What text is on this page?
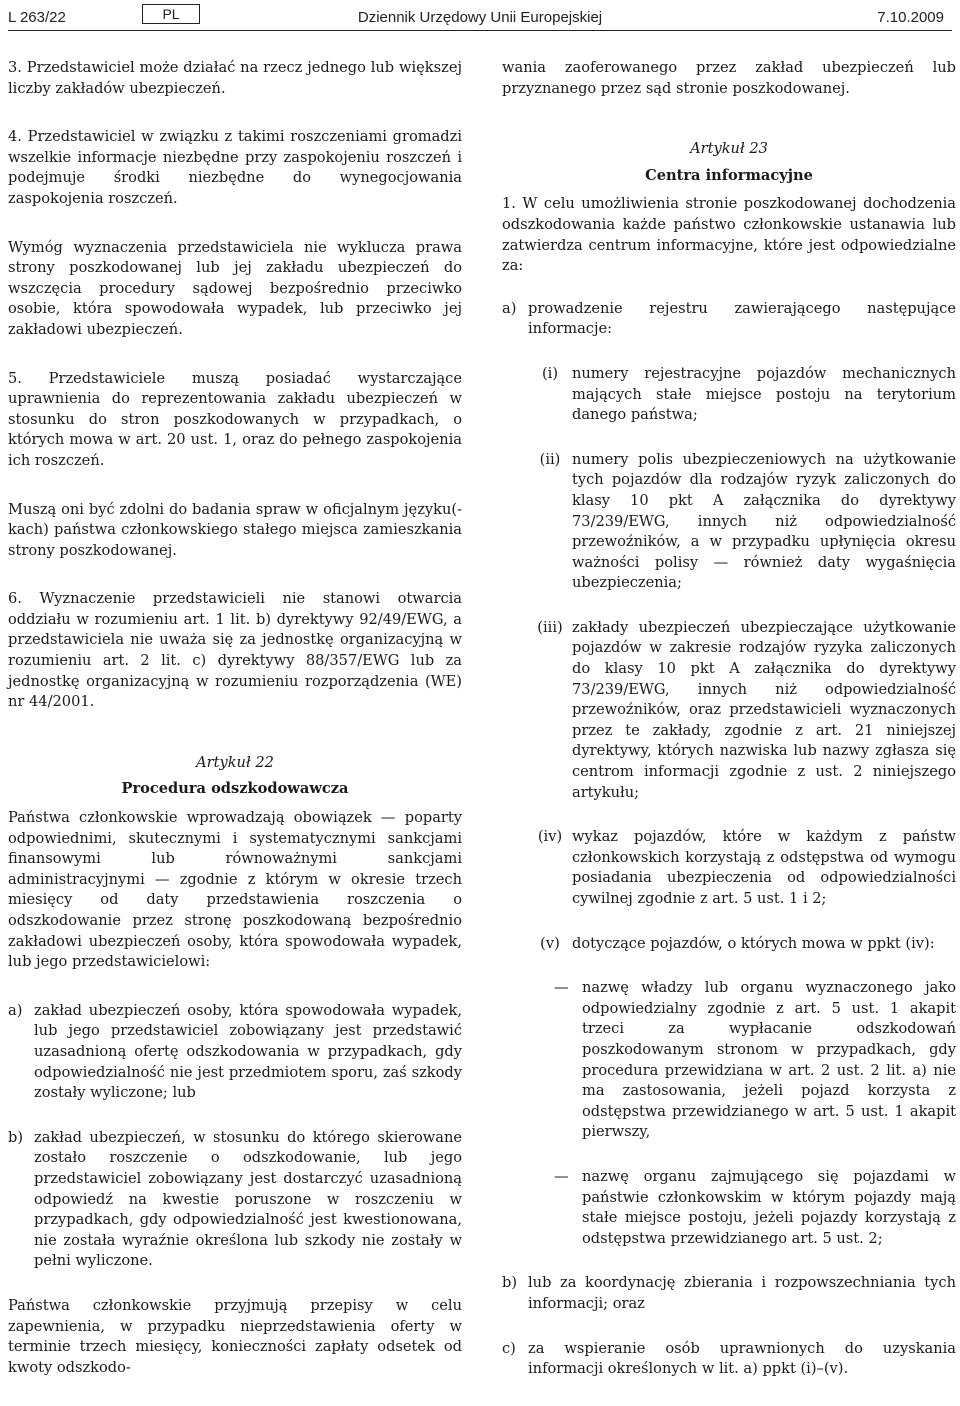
L 263/22	PL	Dziennik Urzędowy Unii Europejskiej	7.10.2009

3. Przedstawiciel może działać na rzecz jednego lub większej liczby zakładów ubezpieczeń.

4. Przedstawiciel w związku z takimi roszczeniami gromadzi wszelkie informacje niezbędne przy zaspokojeniu roszczeń i podejmuje środki niezbędne do wynegocjowania zaspokojenia roszczeń.

Wymóg wyznaczenia przedstawiciela nie wyklucza prawa strony poszkodowanej lub jej zakładu ubezpieczeń do wszczęcia procedury sądowej bezpośrednio przeciwko osobie, która spowodowała wypadek, lub przeciwko jej zakładowi ubezpieczeń.

5. Przedstawiciele muszą posiadać wystarczające uprawnienia do reprezentowania zakładu ubezpieczeń w stosunku do stron poszkodowanych w przypadkach, o których mowa w art. 20 ust. 1, oraz do pełnego zaspokojenia ich roszczeń.

Muszą oni być zdolni do badania spraw w oficjalnym języku(-kach) państwa członkowskiego stałego miejsca zamieszkania strony poszkodowanej.

6. Wyznaczenie przedstawicieli nie stanowi otwarcia oddziału w rozumieniu art. 1 lit. b) dyrektywy 92/49/EWG, a przedstawiciela nie uważa się za jednostkę organizacyjną w rozumieniu art. 2 lit. c) dyrektywy 88/357/EWG lub za jednostkę organizacyjną w rozumieniu rozporządzenia (WE) nr 44/2001.

Artykuł 22
Procedura odszkodowawcza

Państwa członkowskie wprowadzają obowiązek — poparty odpowiednimi, skutecznymi i systematycznymi sankcjami finansowymi lub równoważnymi sankcjami administracyjnymi — zgodnie z którym w okresie trzech miesięcy od daty przedstawienia roszczenia o odszkodowanie przez stronę poszkodowaną bezpośrednio zakładowi ubezpieczeń osoby, która spowodowała wypadek, lub jego przedstawicielowi:

a) zakład ubezpieczeń osoby, która spowodowała wypadek, lub jego przedstawiciel zobowiązany jest przedstawić uzasadnioną ofertę odszkodowania w przypadkach, gdy odpowiedzialność nie jest przedmiotem sporu, zaś szkody zostały wyliczone; lub
b) zakład ubezpieczeń, w stosunku do którego skierowane zostało roszczenie o odszkodowanie, lub jego przedstawiciel zobowiązany jest dostarczyć uzasadnioną odpowiedź na kwestie poruszone w roszczeniu w przypadkach, gdy odpowiedzialność jest kwestionowana, nie została wyraźnie określona lub szkody nie zostały w pełni wyliczone.

Państwa członkowskie przyjmują przepisy w celu zapewnienia, w przypadku nieprzedstawienia oferty w terminie trzech miesięcy, konieczności zapłaty odsetek od kwoty odszkodo-

wania zaoferowanego przez zakład ubezpieczeń lub przyznanego przez sąd stronie poszkodowanej.

Artykuł 23
Centra informacyjne

1. W celu umożliwienia stronie poszkodowanej dochodzenia odszkodowania każde państwo członkowskie ustanawia lub zatwierdza centrum informacyjne, które jest odpowiedzialne za:

a) prowadzenie rejestru zawierającego następujące informacje:
(i) numery rejestracyjne pojazdów mechanicznych mających stałe miejsce postoju na terytorium danego państwa;
(ii) numery polis ubezpieczeniowych na użytkowanie tych pojazdów dla rodzajów ryzyk zaliczonych do klasy 10 pkt A załącznika do dyrektywy 73/239/EWG, innych niż odpowiedzialność przewoźników, a w przypadku upłynięcia okresu ważności polisy — również daty wygaśnięcia ubezpieczenia;
(iii) zakłady ubezpieczeń ubezpieczające użytkowanie pojazdów w zakresie rodzajów ryzyka zaliczonych do klasy 10 pkt A załącznika do dyrektywy 73/239/EWG, innych niż odpowiedzialność przewoźników, oraz przedstawicieli wyznaczonych przez te zakłady, zgodnie z art. 21 niniejszej dyrektywy, których nazwiska lub nazwy zgłasza się centrom informacji zgodnie z ust. 2 niniejszego artykułu;
(iv) wykaz pojazdów, które w każdym z państw członkowskich korzystają z odstępstwa od wymogu posiadania ubezpieczenia od odpowiedzialności cywilnej zgodnie z art. 5 ust. 1 i 2;
(v) dotyczące pojazdów, o których mowa w ppkt (iv):
— nazwę władzy lub organu wyznaczonego jako odpowiedzialny zgodnie z art. 5 ust. 1 akapit trzeci za wypłacanie odszkodowań poszkodowanym stronom w przypadkach, gdy procedura przewidziana w art. 2 ust. 2 lit. a) nie ma zastosowania, jeżeli pojazd korzysta z odstępstwa przewidzianego w art. 5 ust. 1 akapit pierwszy,
— nazwę organu zajmującego się pojazdami w państwie członkowskim w którym pojazdy mają stałe miejsce postoju, jeżeli pojazdy korzystają z odstępstwa przewidzianego art. 5 ust. 2;
b) lub za koordynację zbierania i rozpowszechniania tych informacji; oraz
c) za wspieranie osób uprawnionych do uzyskania informacji określonych w lit. a) ppkt (i)–(v).
